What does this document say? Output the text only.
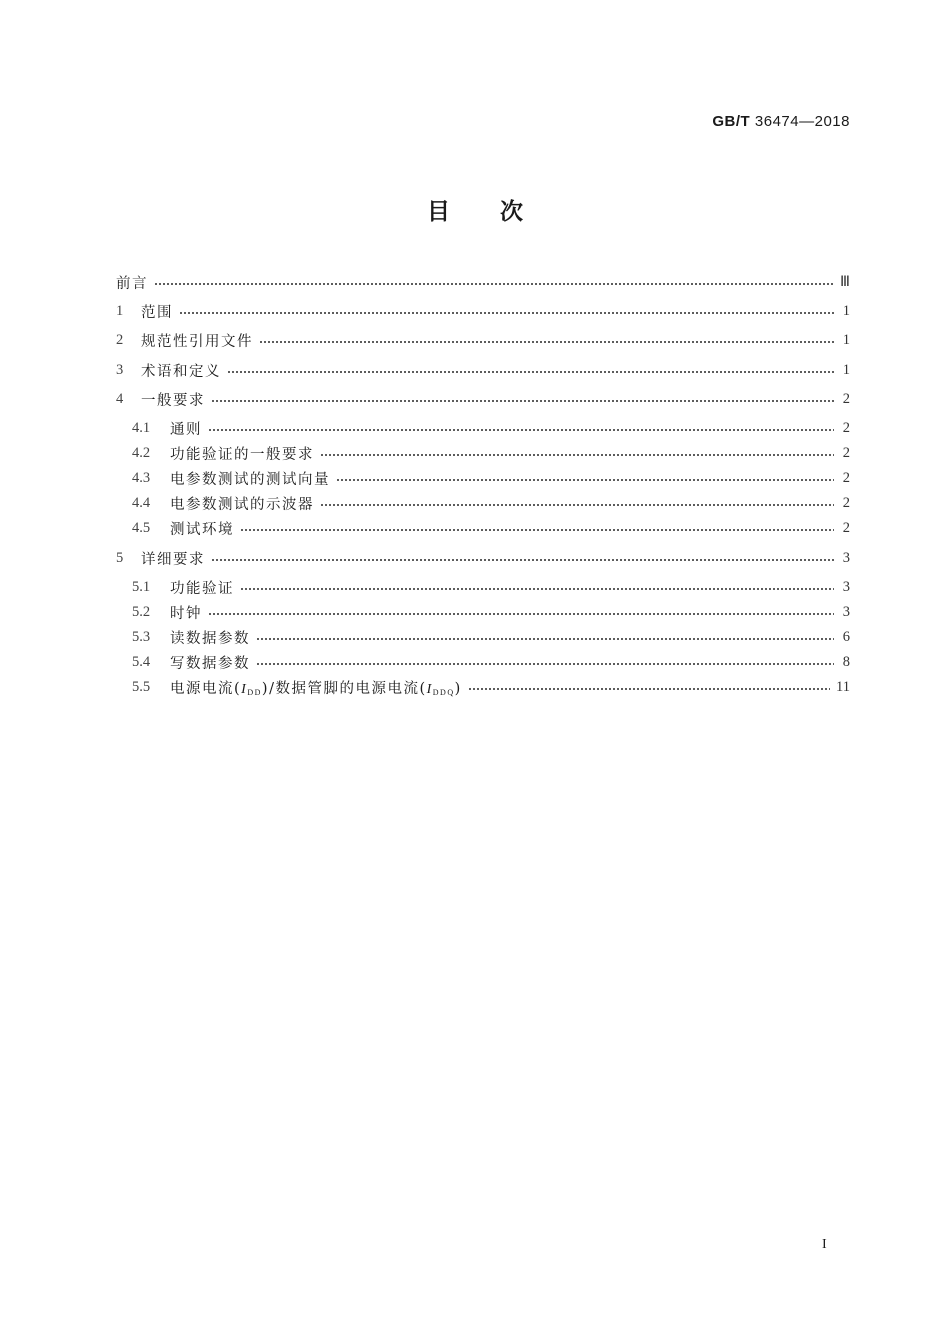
GB/T 36474—2018
目 次
前言	Ⅲ
1	范围	1
2	规范性引用文件	1
3	术语和定义	1
4	一般要求	2
4.1	通则	2
4.2	功能验证的一般要求	2
4.3	电参数测试的测试向量	2
4.4	电参数测试的示波器	2
4.5	测试环境	2
5	详细要求	3
5.1	功能验证	3
5.2	时钟	3
5.3	读数据参数	6
5.4	写数据参数	8
5.5	电源电流(IDD)/数据管脚的电源电流(IDDQ)	11
I
